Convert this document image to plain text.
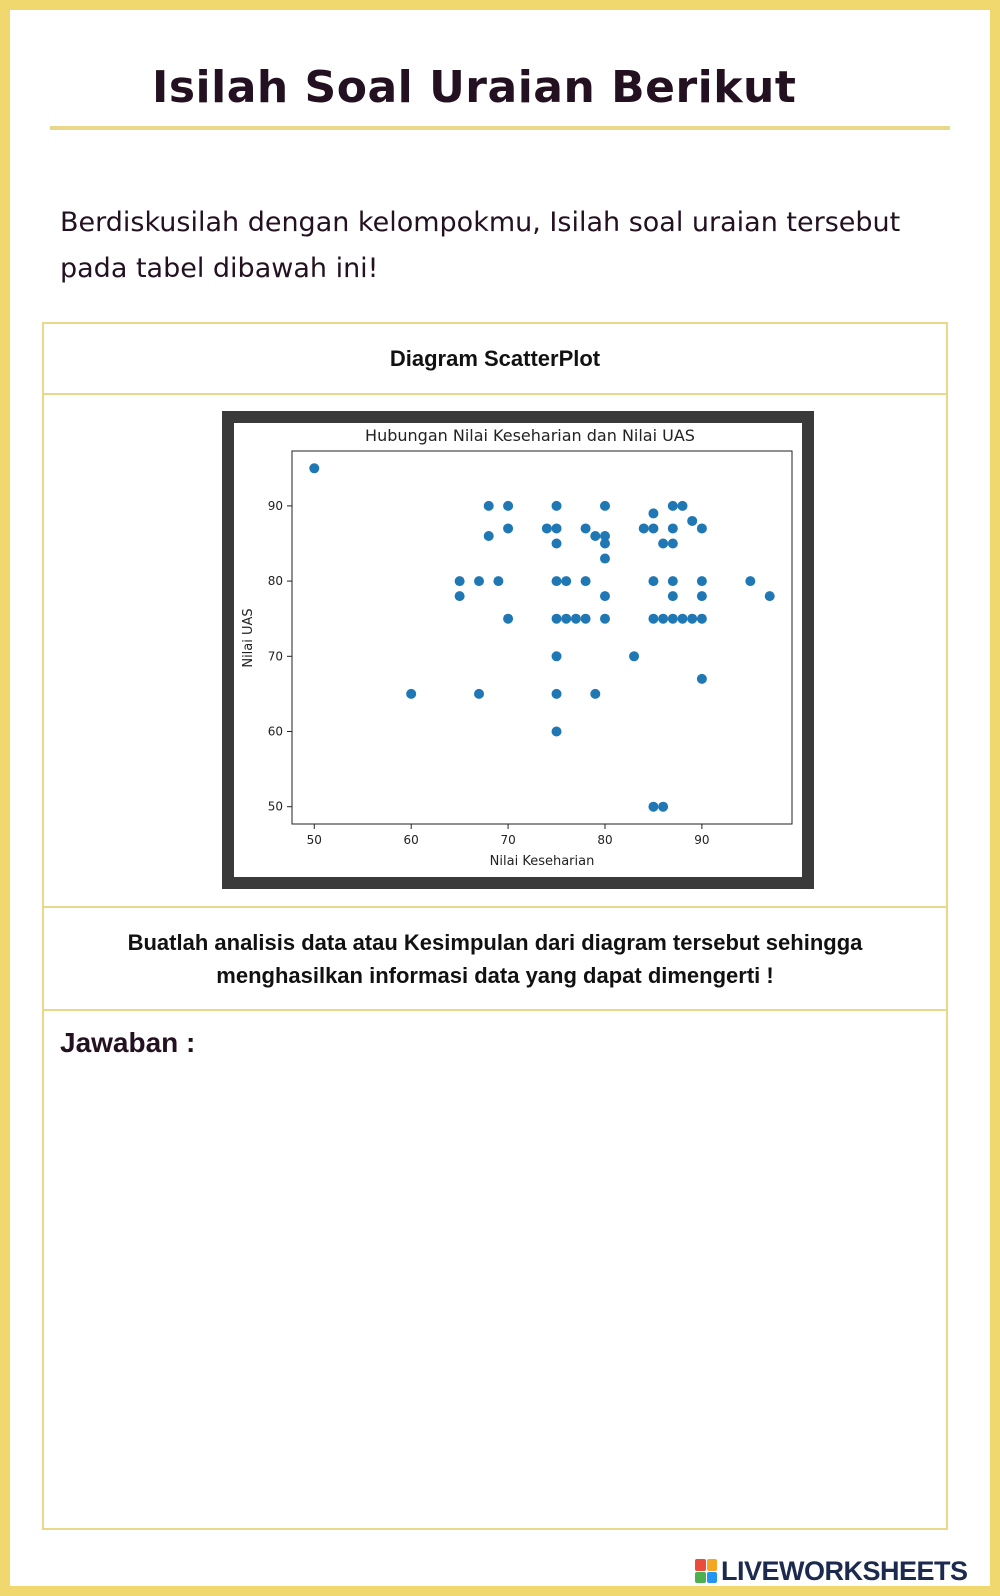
Isilah Soal Uraian Berikut

Berdiskusilah dengan kelompokmu, Isilah soal uraian tersebut pada tabel dibawah ini!

Diagram ScatterPlot
Hubungan Nilai Keseharian dan Nilai UAS
50	60	70	80	90
50
60
70
80
90
Nilai Keseharian
Nilai UAS

Buatlah analisis data atau Kesimpulan dari diagram tersebut sehingga menghasilkan informasi data yang dapat dimengerti !

Jawaban :
LIVEWORKSHEETS
